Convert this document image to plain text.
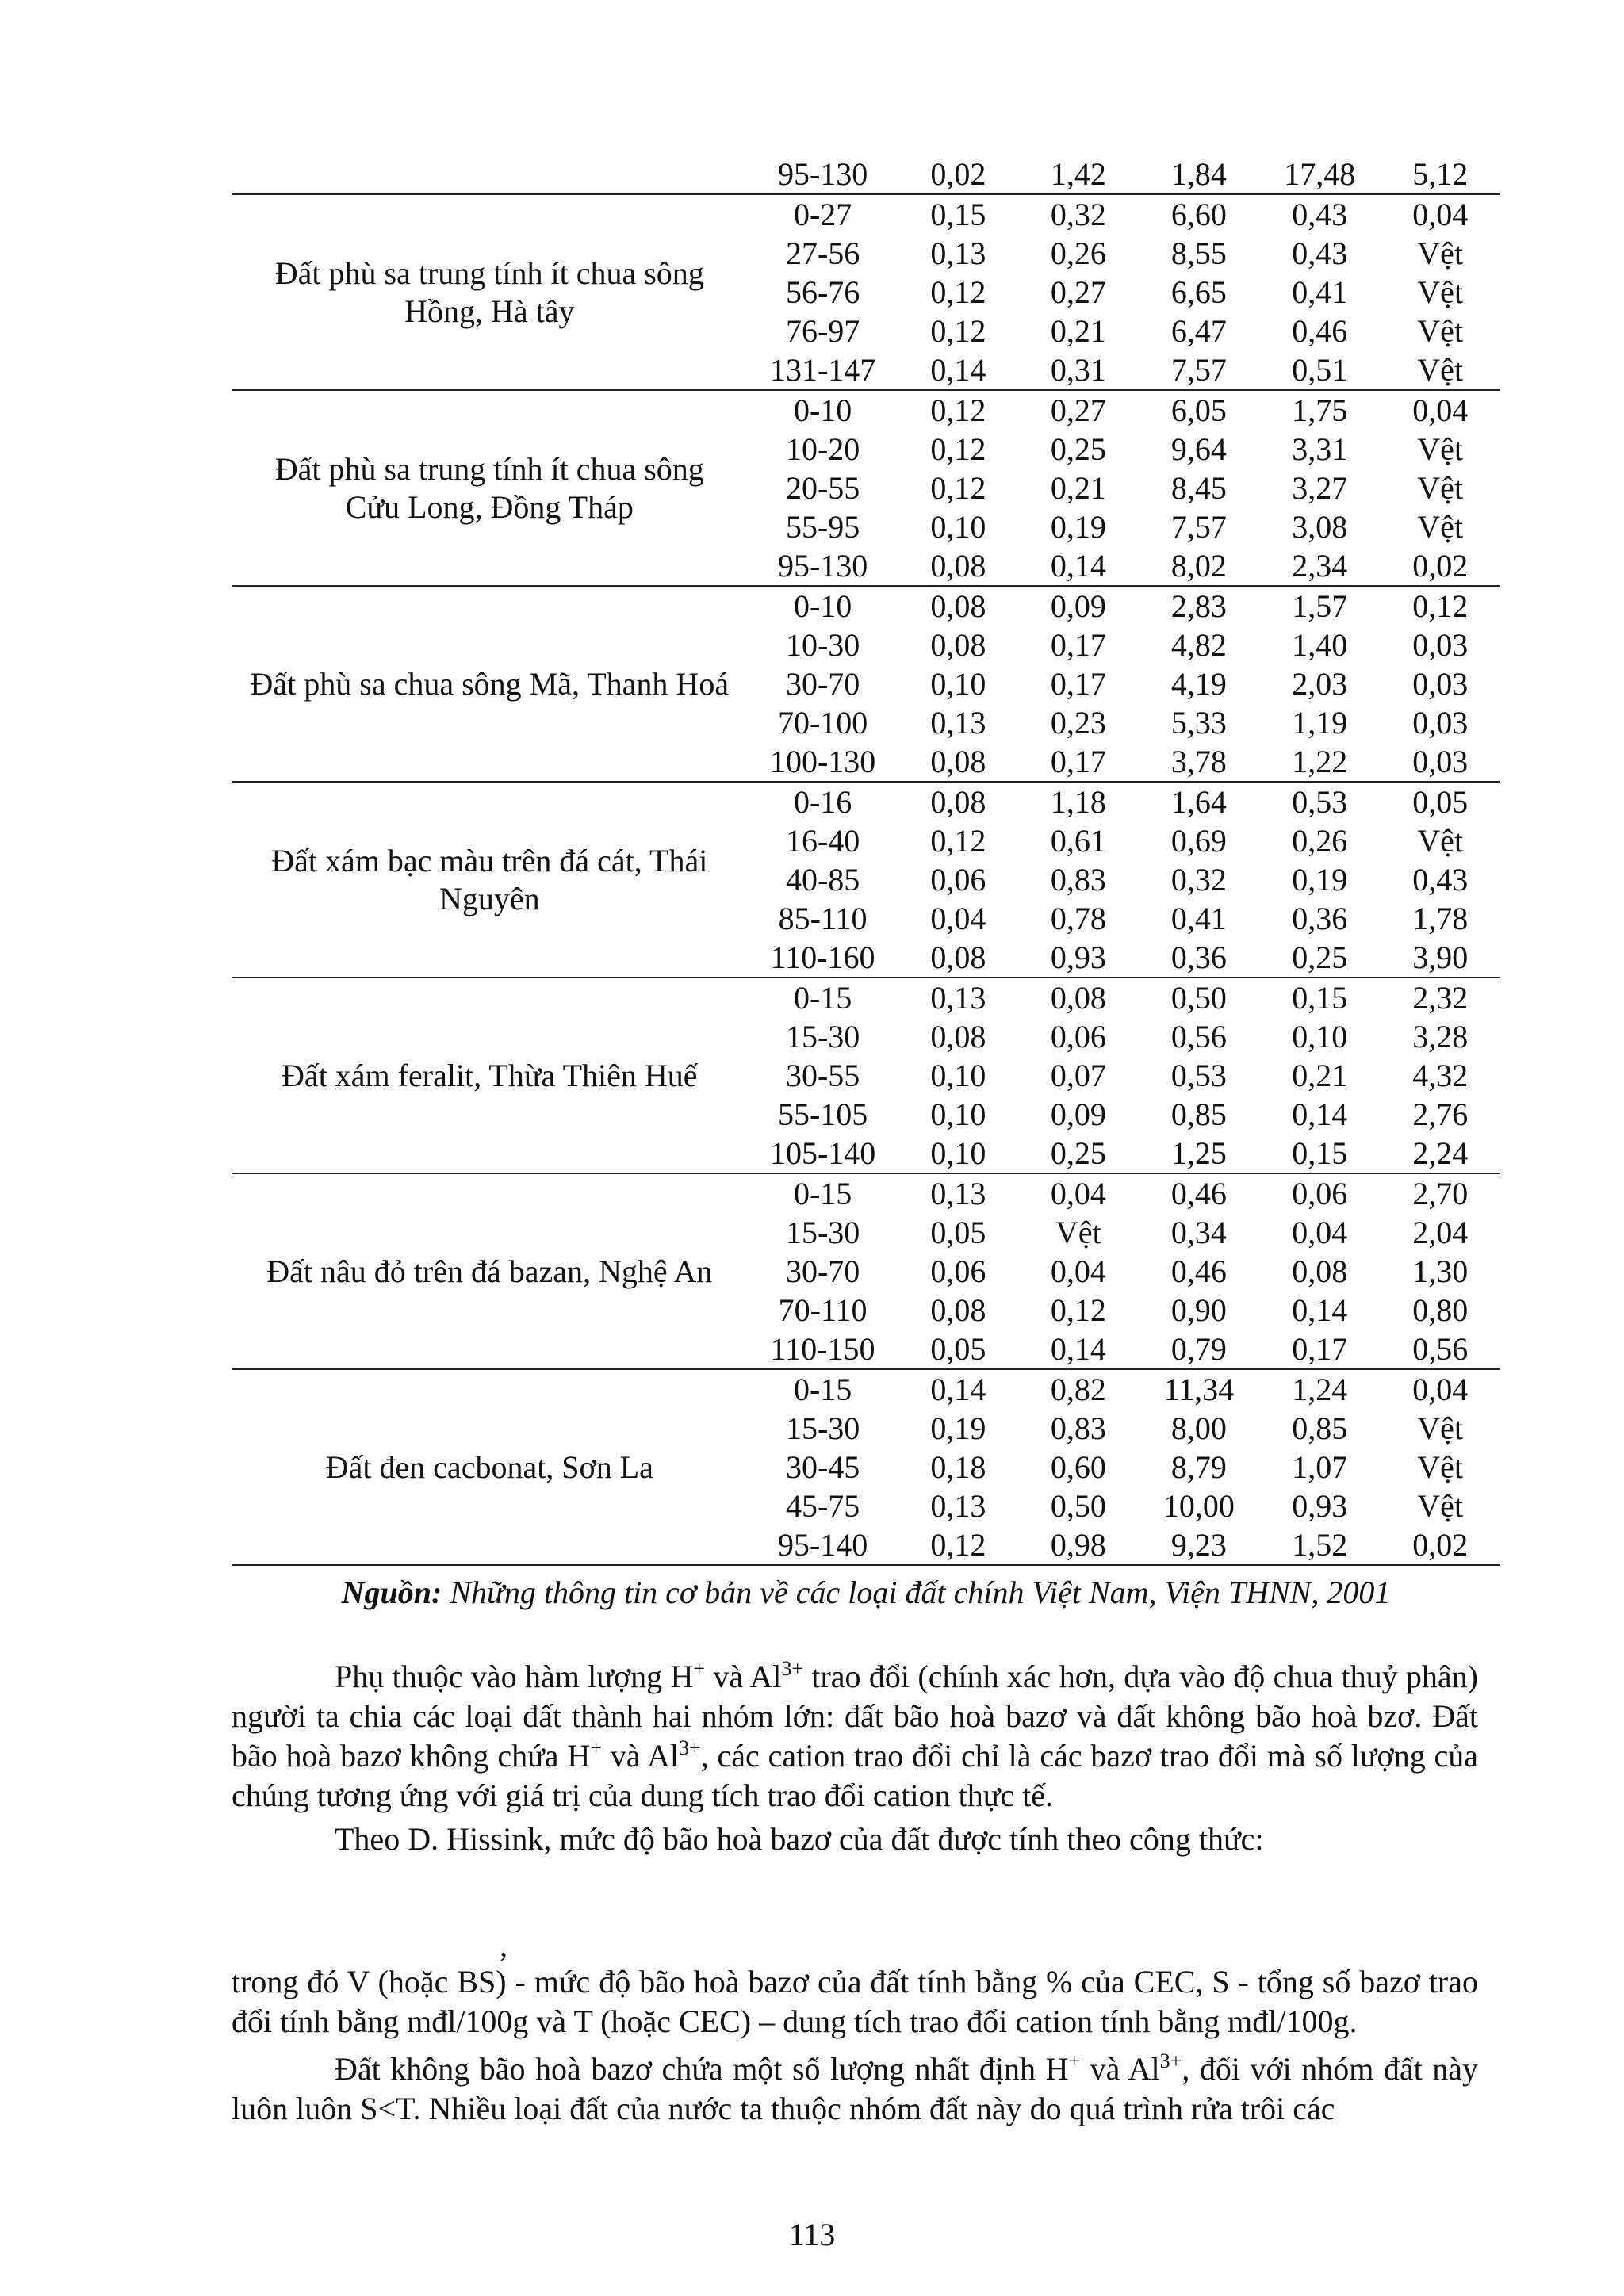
	95-130	0,02	1,42	1,84	17,48	5,12
Đất phù sa trung tính ít chua sông Hồng, Hà tây	0-27	0,15	0,32	6,60	0,43	0,04
	27-56	0,13	0,26	8,55	0,43	Vệt
	56-76	0,12	0,27	6,65	0,41	Vệt
	76-97	0,12	0,21	6,47	0,46	Vệt
	131-147	0,14	0,31	7,57	0,51	Vệt
Đất phù sa trung tính ít chua sông Cửu Long, Đồng Tháp	0-10	0,12	0,27	6,05	1,75	0,04
	10-20	0,12	0,25	9,64	3,31	Vệt
	20-55	0,12	0,21	8,45	3,27	Vệt
	55-95	0,10	0,19	7,57	3,08	Vệt
	95-130	0,08	0,14	8,02	2,34	0,02
Đất phù sa chua sông Mã, Thanh Hoá	0-10	0,08	0,09	2,83	1,57	0,12
	10-30	0,08	0,17	4,82	1,40	0,03
	30-70	0,10	0,17	4,19	2,03	0,03
	70-100	0,13	0,23	5,33	1,19	0,03
	100-130	0,08	0,17	3,78	1,22	0,03
Đất xám bạc màu trên đá cát, Thái Nguyên	0-16	0,08	1,18	1,64	0,53	0,05
	16-40	0,12	0,61	0,69	0,26	Vệt
	40-85	0,06	0,83	0,32	0,19	0,43
	85-110	0,04	0,78	0,41	0,36	1,78
	110-160	0,08	0,93	0,36	0,25	3,90
Đất xám feralit, Thừa Thiên Huế	0-15	0,13	0,08	0,50	0,15	2,32
	15-30	0,08	0,06	0,56	0,10	3,28
	30-55	0,10	0,07	0,53	0,21	4,32
	55-105	0,10	0,09	0,85	0,14	2,76
	105-140	0,10	0,25	1,25	0,15	2,24
Đất nâu đỏ trên đá bazan, Nghệ An	0-15	0,13	0,04	0,46	0,06	2,70
	15-30	0,05	Vệt	0,34	0,04	2,04
	30-70	0,06	0,04	0,46	0,08	1,30
	70-110	0,08	0,12	0,90	0,14	0,80
	110-150	0,05	0,14	0,79	0,17	0,56
Đất đen cacbonat, Sơn La	0-15	0,14	0,82	11,34	1,24	0,04
	15-30	0,19	0,83	8,00	0,85	Vệt
	30-45	0,18	0,60	8,79	1,07	Vệt
	45-75	0,13	0,50	10,00	0,93	Vệt
	95-140	0,12	0,98	9,23	1,52	0,02
Nguồn: Những thông tin cơ bản về các loại đất chính Việt Nam, Viện THNN, 2001
Phụ thuộc vào hàm lượng H+ và $Al^{3+}$ trao đổi (chính xác hơn, dựa vào độ chua thuỷ phân) người ta chia các loại đất thành hai nhóm lớn: đất bão hoà bazơ và đất không bão hoà bzơ. Đất bão hoà bazơ không chứa H+ và $Al^{3+}$, các cation trao đổi chỉ là các bazơ trao đổi mà số lượng của chúng tương ứng với giá trị của dung tích trao đổi cation thực tế.
Theo D. Hissink, mức độ bão hoà bazơ của đất được tính theo công thức:
,
trong đó V (hoặc BS) - mức độ bão hoà bazơ của đất tính bằng % của CEC, S - tổng số bazơ trao đổi tính bằng mđl/100g và T (hoặc CEC) – dung tích trao đổi cation tính bằng mđl/100g.
Đất không bão hoà bazơ chứa một số lượng nhất định H+ và $Al^{3+}$, đối với nhóm đất này luôn luôn S<T. Nhiều loại đất của nước ta thuộc nhóm đất này do quá trình rửa trôi các
113
